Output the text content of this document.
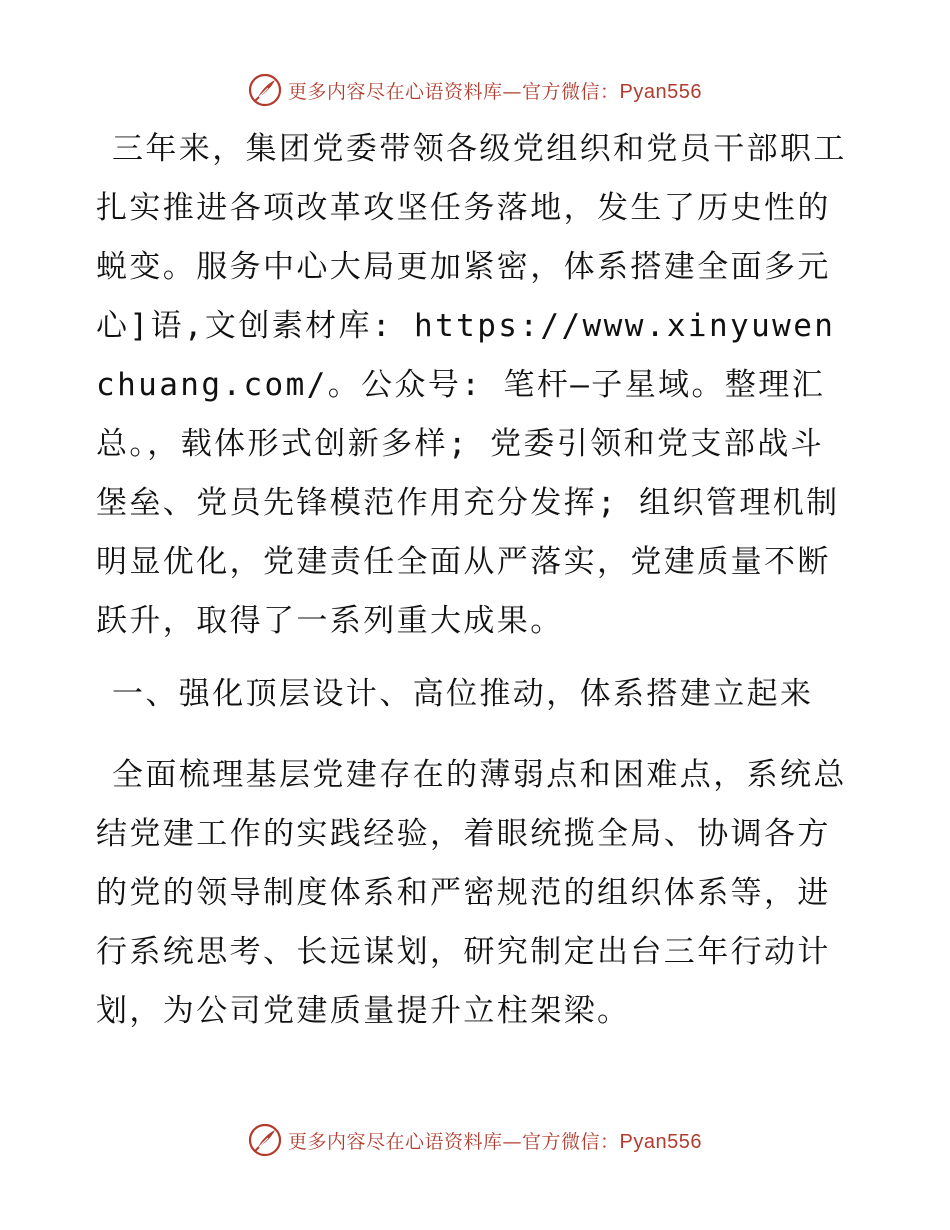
更多内容尽在心语资料库—官方微信：Pyan556

三年来，集团党委带领各级党组织和党员干部职工扎实推进各项改革攻坚任务落地，发生了历史性的蜕变。服务中心大局更加紧密，体系搭建全面多元心]语,文创素材库: https://www.xinyuwenchuang.com/。公众号: 笔杆—子星域。整理汇总。，载体形式创新多样; 党委引领和党支部战斗堡垒、党员先锋模范作用充分发挥; 组织管理机制明显优化，党建责任全面从严落实，党建质量不断跃升，取得了一系列重大成果。

一、强化顶层设计、高位推动，体系搭建立起来

全面梳理基层党建存在的薄弱点和困难点，系统总结党建工作的实践经验，着眼统揽全局、协调各方的党的领导制度体系和严密规范的组织体系等，进行系统思考、长远谋划，研究制定出台三年行动计划，为公司党建质量提升立柱架梁。

更多内容尽在心语资料库—官方微信：Pyan556
